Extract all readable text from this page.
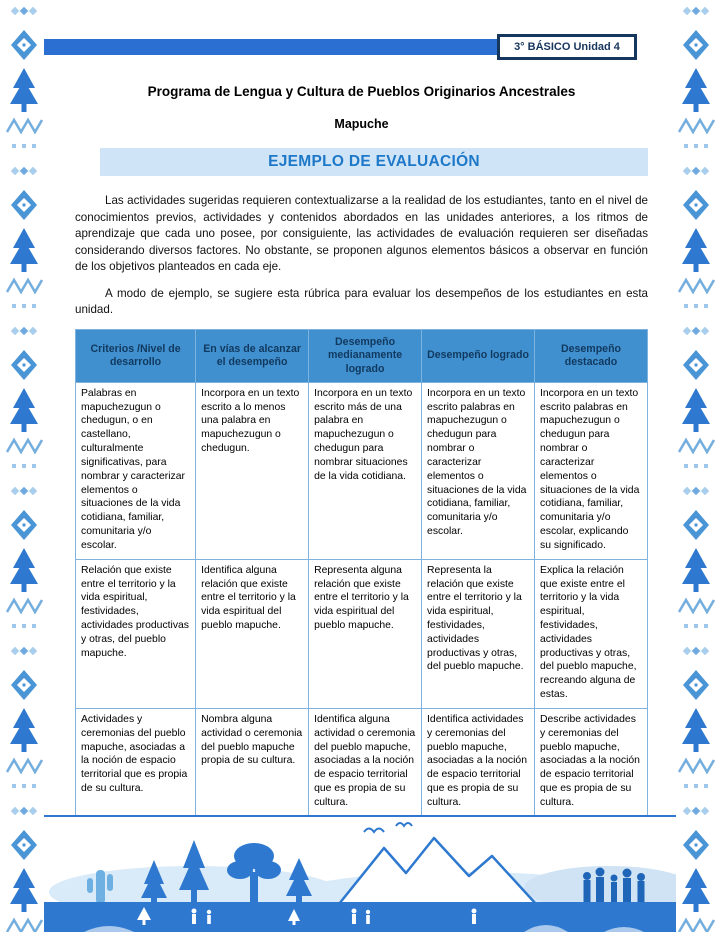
3° BÁSICO Unidad 4
Programa de Lengua y Cultura de Pueblos Originarios Ancestrales
Mapuche
EJEMPLO DE EVALUACIÓN

Las actividades sugeridas requieren contextualizarse a la realidad de los estudiantes, tanto en el nivel de conocimientos previos, actividades y contenidos abordados en las unidades anteriores, a los ritmos de aprendizaje que cada uno posee, por consiguiente, las actividades de evaluación requieren ser diseñadas considerando diversos factores. No obstante, se proponen algunos elementos básicos a observar en función de los objetivos planteados en cada eje.

A modo de ejemplo, se sugiere esta rúbrica para evaluar los desempeños de los estudiantes en esta unidad.

Criterios /Nivel de desarrollo	En vías de alcanzar el desempeño	Desempeño medianamente logrado	Desempeño logrado	Desempeño destacado
Palabras en mapuchezugun o chedugun, o en castellano, culturalmente significativas, para nombrar y caracterizar elementos o situaciones de la vida cotidiana, familiar, comunitaria y/o escolar.	Incorpora en un texto escrito a lo menos una palabra en mapuchezugun o chedugun.	Incorpora en un texto escrito más de una palabra en mapuchezugun o chedugun para nombrar situaciones de la vida cotidiana.	Incorpora en un texto escrito palabras en mapuchezugun o chedugun para nombrar o caracterizar elementos o situaciones de la vida cotidiana, familiar, comunitaria y/o escolar.	Incorpora en un texto escrito palabras en mapuchezugun o chedugun para nombrar o caracterizar elementos o situaciones de la vida cotidiana, familiar, comunitaria y/o escolar, explicando su significado.
Relación que existe entre el territorio y la vida espiritual, festividades, actividades productivas y otras, del pueblo mapuche.	Identifica alguna relación que existe entre el territorio y la vida espiritual del pueblo mapuche.	Representa alguna relación que existe entre el territorio y la vida espiritual del pueblo mapuche.	Representa la relación que existe entre el territorio y la vida espiritual, festividades, actividades productivas y otras, del pueblo mapuche.	Explica la relación que existe entre el territorio y la vida espiritual, festividades, actividades productivas y otras, del pueblo mapuche, recreando alguna de estas.
Actividades y ceremonias del pueblo mapuche, asociadas a la noción de espacio territorial que es propia de su cultura.	Nombra alguna actividad o ceremonia del pueblo mapuche propia de su cultura.	Identifica alguna actividad o ceremonia del pueblo mapuche, asociadas a la noción de espacio territorial que es propia de su cultura.	Identifica actividades y ceremonias del pueblo mapuche, asociadas a la noción de espacio territorial que es propia de su cultura.	Describe actividades y ceremonias del pueblo mapuche, asociadas a la noción de espacio territorial que es propia de su cultura.
